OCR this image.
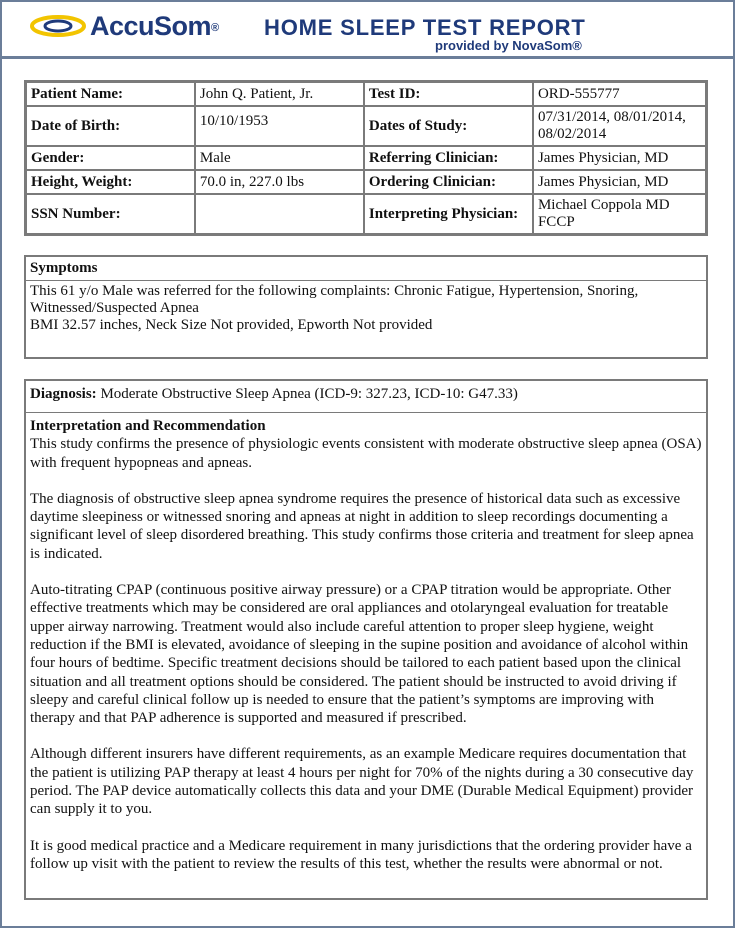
AccuSom® HOME SLEEP TEST REPORT
provided by NovaSom®
Patient Name:	John Q. Patient, Jr.	Test ID:	ORD-555777
Date of Birth:	10/10/1953	Dates of Study:	07/31/2014, 08/01/2014,
08/02/2014

Gender:	Male	Referring Clinician:	James Physician, MD
Height, Weight:	70.0 in, 227.0 lbs	Ordering Clinician:	James Physician, MD
SSN Number:		Interpreting Physician:	Michael Coppola MD
FCCP
Symptoms
This 61 y/o Male was referred for the following complaints: Chronic Fatigue, Hypertension, Snoring,
Witnessed/Suspected Apnea
BMI 32.57 inches, Neck Size Not provided, Epworth Not provided
Diagnosis: Moderate Obstructive Sleep Apnea (ICD-9: 327.23, ICD-10: G47.33)
Interpretation and Recommendation

This study confirms the presence of physiologic events consistent with moderate obstructive sleep apnea (OSA) with frequent hypopneas and apneas.

The diagnosis of obstructive sleep apnea syndrome requires the presence of historical data such as excessive daytime sleepiness or witnessed snoring and apneas at night in addition to sleep recordings documenting a significant level of sleep disordered breathing. This study confirms those criteria and treatment for sleep apnea is indicated.

Auto-titrating CPAP (continuous positive airway pressure) or a CPAP titration would be appropriate. Other effective treatments which may be considered are oral appliances and otolaryngeal evaluation for treatable upper airway narrowing. Treatment would also include careful attention to proper sleep hygiene, weight reduction if the BMI is elevated, avoidance of sleeping in the supine position and avoidance of alcohol within four hours of bedtime. Specific treatment decisions should be tailored to each patient based upon the clinical situation and all treatment options should be considered. The patient should be instructed to avoid driving if sleepy and careful clinical follow up is needed to ensure that the patient’s symptoms are improving with therapy and that PAP adherence is supported and measured if prescribed.

Although different insurers have different requirements, as an example Medicare requires documentation that the patient is utilizing PAP therapy at least 4 hours per night for 70% of the nights during a 30 consecutive day period. The PAP device automatically collects this data and your DME (Durable Medical Equipment) provider can supply it to you.

It is good medical practice and a Medicare requirement in many jurisdictions that the ordering provider have a follow up visit with the patient to review the results of this test, whether the results were abnormal or not.
